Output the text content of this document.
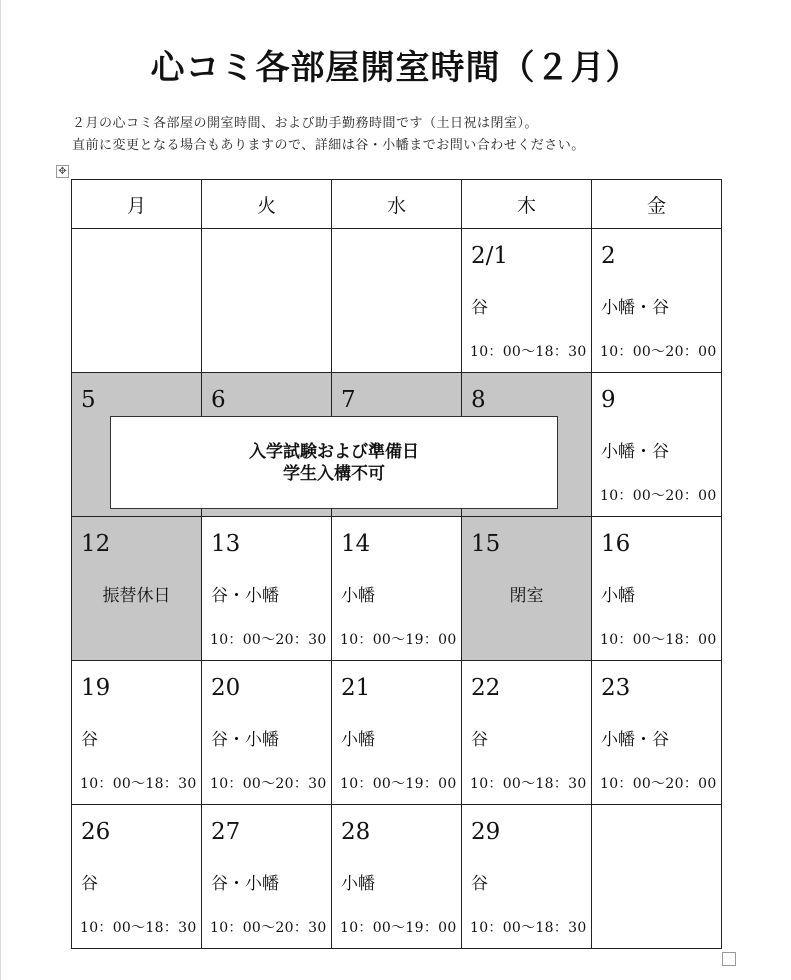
心コミ各部屋開室時間（２月）
２月の心コミ各部屋の開室時間、および助手勤務時間です（土日祝は閉室）。
直前に変更となる場合もありますので、詳細は谷・小幡までお問い合わせください。
✥
月	火	水	木	金

			2/1
谷
10：00〜18：30	2
小幡・谷
10：00〜20：00

5	6	7	8	9
小幡・谷
10：00〜20：00

12
振替休日	13
谷・小幡
10：00〜20：30	14
小幡
10：00〜19：00	15
閉室	16
小幡
10：00〜18：00

19
谷
10：00〜18：30	20
谷・小幡
10：00〜20：30	21
小幡
10：00〜19：00	22
谷
10：00〜18：30	23
小幡・谷
10：00〜20：00

26
谷
10：00〜18：30	27
谷・小幡
10：00〜20：30	28
小幡
10：00〜19：00	29
谷
10：00〜18：30	

入学試験および準備日
学生入構不可
